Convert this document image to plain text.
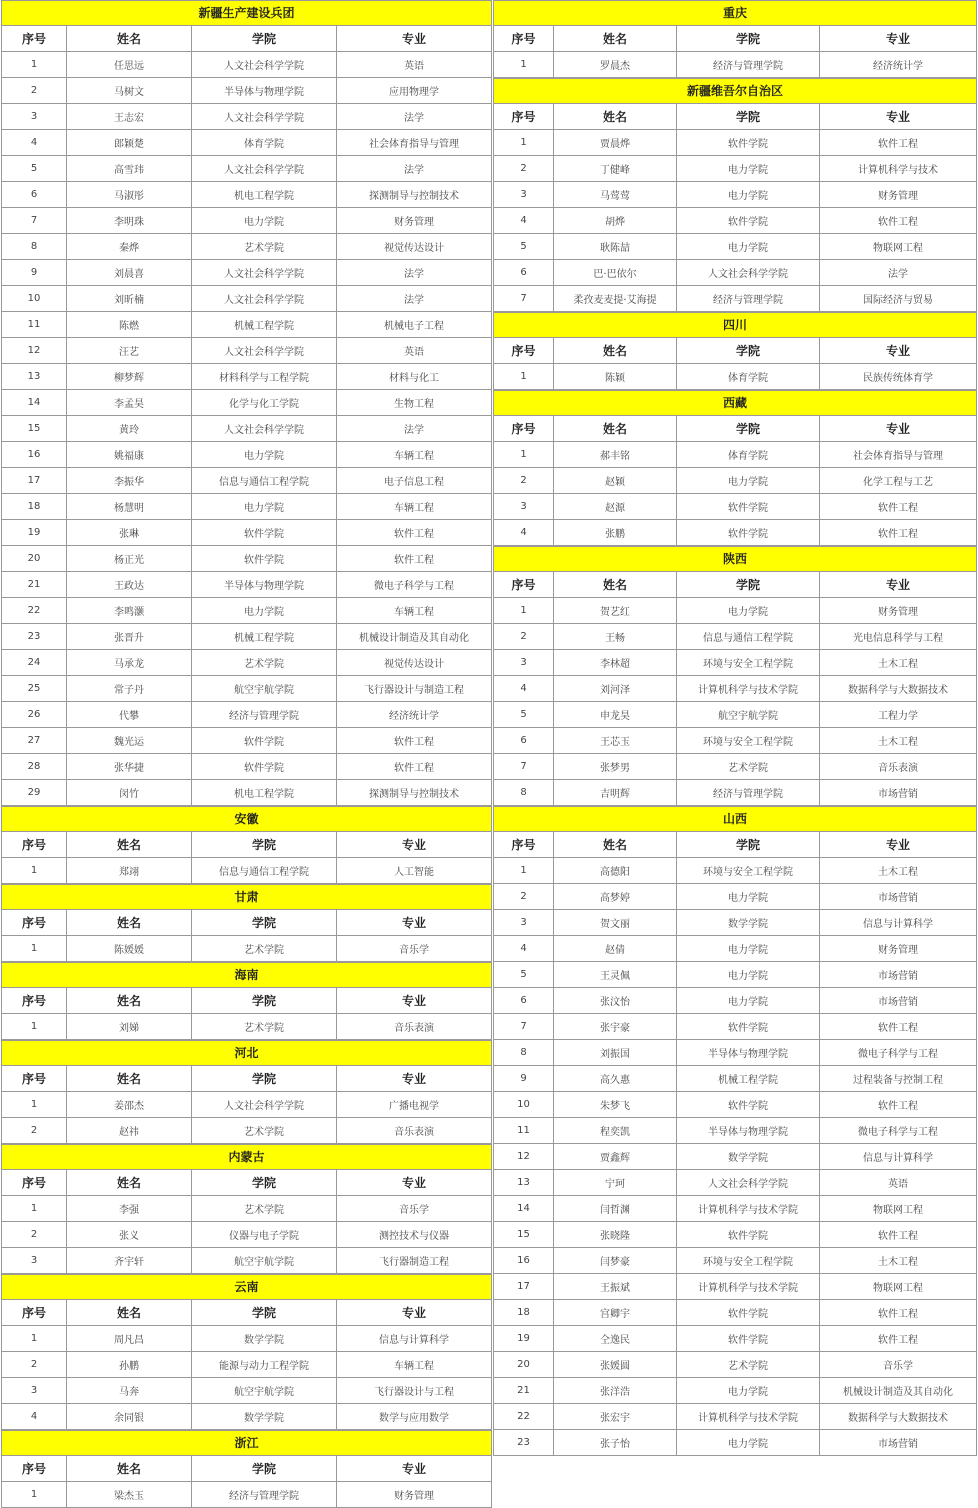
新疆生产建设兵团
序号	姓名	学院	专业
1	任思远	人文社会科学学院	英语
2	马树文	半导体与物理学院	应用物理学
3	王志宏	人文社会科学学院	法学
4	郎颖楚	体育学院	社会体育指导与管理
5	高雪玮	人文社会科学学院	法学
6	马淑彤	机电工程学院	探测制导与控制技术
7	李明珠	电力学院	财务管理
8	秦烨	艺术学院	视觉传达设计
9	刘晨喜	人文社会科学学院	法学
10	刘昕楠	人文社会科学学院	法学
11	陈燃	机械工程学院	机械电子工程
12	汪艺	人文社会科学学院	英语
13	柳梦辉	材料科学与工程学院	材料与化工
14	李孟昊	化学与化工学院	生物工程
15	黄玲	人文社会科学学院	法学
16	姚福康	电力学院	车辆工程
17	李振华	信息与通信工程学院	电子信息工程
18	杨慧明	电力学院	车辆工程
19	张琳	软件学院	软件工程
20	杨正光	软件学院	软件工程
21	王政达	半导体与物理学院	微电子科学与工程
22	李鸣灏	电力学院	车辆工程
23	张晋升	机械工程学院	机械设计制造及其自动化
24	马承龙	艺术学院	视觉传达设计
25	常子丹	航空宇航学院	飞行器设计与制造工程
26	代攀	经济与管理学院	经济统计学
27	魏光运	软件学院	软件工程
28	张华捷	软件学院	软件工程
29	闵竹	机电工程学院	探测制导与控制技术
安徽
序号	姓名	学院	专业
1	郑翊	信息与通信工程学院	人工智能
甘肃
序号	姓名	学院	专业
1	陈媛媛	艺术学院	音乐学
海南
序号	姓名	学院	专业
1	刘娣	艺术学院	音乐表演
河北
序号	姓名	学院	专业
1	姜邵杰	人文社会科学学院	广播电视学
2	赵祎	艺术学院	音乐表演
内蒙古
序号	姓名	学院	专业
1	李强	艺术学院	音乐学
2	张义	仪器与电子学院	测控技术与仪器
3	齐宇轩	航空宇航学院	飞行器制造工程
云南
序号	姓名	学院	专业
1	周凡昌	数学学院	信息与计算科学
2	孙鹏	能源与动力工程学院	车辆工程
3	马奔	航空宇航学院	飞行器设计与工程
4	余同银	数学学院	数学与应用数学
浙江
序号	姓名	学院	专业
1	梁杰玉	经济与管理学院	财务管理
重庆
序号	姓名	学院	专业
1	罗晨杰	经济与管理学院	经济统计学
新疆维吾尔自治区
序号	姓名	学院	专业
1	贾晨烨	软件学院	软件工程
2	丁健峰	电力学院	计算机科学与技术
3	马莺莺	电力学院	财务管理
4	胡烨	软件学院	软件工程
5	耿陈喆	电力学院	物联网工程
6	巴·巴依尔	人文社会科学学院	法学
7	柔孜麦麦提·艾海提	经济与管理学院	国际经济与贸易
四川
序号	姓名	学院	专业
1	陈颖	体育学院	民族传统体育学
西藏
序号	姓名	学院	专业
1	郝丰铭	体育学院	社会体育指导与管理
2	赵颖	电力学院	化学工程与工艺
3	赵源	软件学院	软件工程
4	张鹏	软件学院	软件工程
陕西
序号	姓名	学院	专业
1	贺艺红	电力学院	财务管理
2	王畅	信息与通信工程学院	光电信息科学与工程
3	李林超	环境与安全工程学院	土木工程
4	刘河泽	计算机科学与技术学院	数据科学与大数据技术
5	申龙昊	航空宇航学院	工程力学
6	王芯玉	环境与安全工程学院	土木工程
7	张梦男	艺术学院	音乐表演
8	吉明辉	经济与管理学院	市场营销
山西
序号	姓名	学院	专业
1	高德阳	环境与安全工程学院	土木工程
2	高梦婷	电力学院	市场营销
3	贺文丽	数学学院	信息与计算科学
4	赵倩	电力学院	财务管理
5	王灵佩	电力学院	市场营销
6	张汶怡	电力学院	市场营销
7	张宇豪	软件学院	软件工程
8	刘振国	半导体与物理学院	微电子科学与工程
9	高久惠	机械工程学院	过程装备与控制工程
10	朱梦飞	软件学院	软件工程
11	程奕凯	半导体与物理学院	微电子科学与工程
12	贾鑫辉	数学学院	信息与计算科学
13	宁珂	人文社会科学学院	英语
14	闫哲渊	计算机科学与技术学院	物联网工程
15	张晓隆	软件学院	软件工程
16	闫梦豪	环境与安全工程学院	土木工程
17	王振斌	计算机科学与技术学院	物联网工程
18	宫卿宇	软件学院	软件工程
19	仝逸民	软件学院	软件工程
20	张媛圆	艺术学院	音乐学
21	张洋浩	电力学院	机械设计制造及其自动化
22	张宏宇	计算机科学与技术学院	数据科学与大数据技术
23	张子怡	电力学院	市场营销
